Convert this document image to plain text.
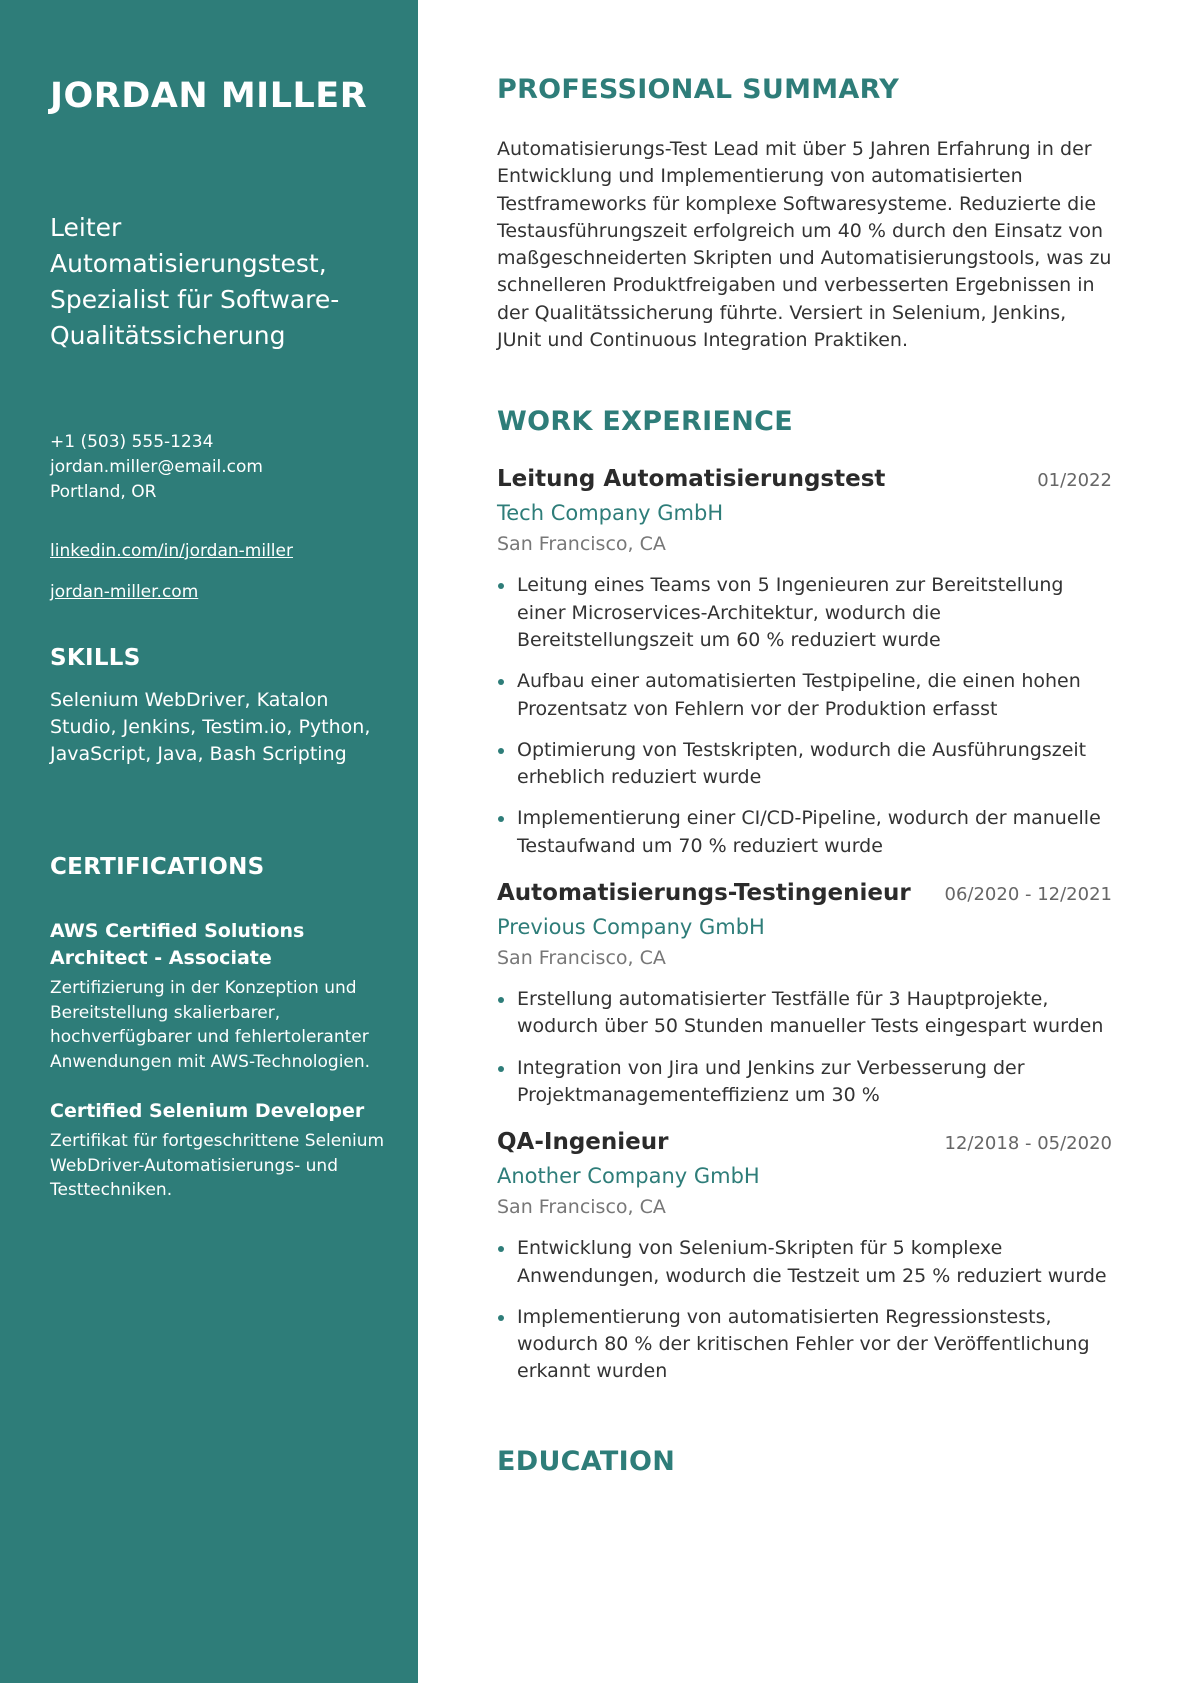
JORDAN MILLER
Leiter Automatisierungstest, Spezialist für Software-Qualitätssicherung
+1 (503) 555-1234
jordan.miller@email.com
Portland, OR
linkedin.com/in/jordan-miller
jordan-miller.com
SKILLS
Selenium WebDriver, Katalon Studio, Jenkins, Testim.io, Python, JavaScript, Java, Bash Scripting
CERTIFICATIONS
AWS Certified Solutions Architect - Associate
Zertifizierung in der Konzeption und Bereitstellung skalierbarer, hochverfügbarer und fehlertoleranter Anwendungen mit AWS-Technologien.
Certified Selenium Developer
Zertifikat für fortgeschrittene Selenium WebDriver-Automatisierungs- und Testtechniken.
PROFESSIONAL SUMMARY

Automatisierungs-Test Lead mit über 5 Jahren Erfahrung in der Entwicklung und Implementierung von automatisierten Testframeworks für komplexe Softwaresysteme. Reduzierte die Testausführungszeit erfolgreich um 40 % durch den Einsatz von maßgeschneiderten Skripten und Automatisierungstools, was zu schnelleren Produktfreigaben und verbesserten Ergebnissen in der Qualitätssicherung führte. Versiert in Selenium, Jenkins, JUnit und Continuous Integration Praktiken.

WORK EXPERIENCE
Leitung Automatisierungstest	01/2022
Tech Company GmbH
San Francisco, CA
Leitung eines Teams von 5 Ingenieuren zur Bereitstellung einer Microservices-Architektur, wodurch die Bereitstellungszeit um 60 % reduziert wurde
Aufbau einer automatisierten Testpipeline, die einen hohen Prozentsatz von Fehlern vor der Produktion erfasst
Optimierung von Testskripten, wodurch die Ausführungszeit erheblich reduziert wurde
Implementierung einer CI/CD-Pipeline, wodurch der manuelle Testaufwand um 70 % reduziert wurde
Automatisierungs-Testingenieur 06/2020 - 12/2021
Previous Company GmbH
San Francisco, CA
Erstellung automatisierter Testfälle für 3 Hauptprojekte, wodurch über 50 Stunden manueller Tests eingespart wurden
Integration von Jira und Jenkins zur Verbesserung der Projektmanagementeffizienz um 30 %
QA-Ingenieur	12/2018 - 05/2020
Another Company GmbH
San Francisco, CA
Entwicklung von Selenium-Skripten für 5 komplexe Anwendungen, wodurch die Testzeit um 25 % reduziert wurde
Implementierung von automatisierten Regressionstests, wodurch 80 % der kritischen Fehler vor der Veröffentlichung erkannt wurden
EDUCATION
